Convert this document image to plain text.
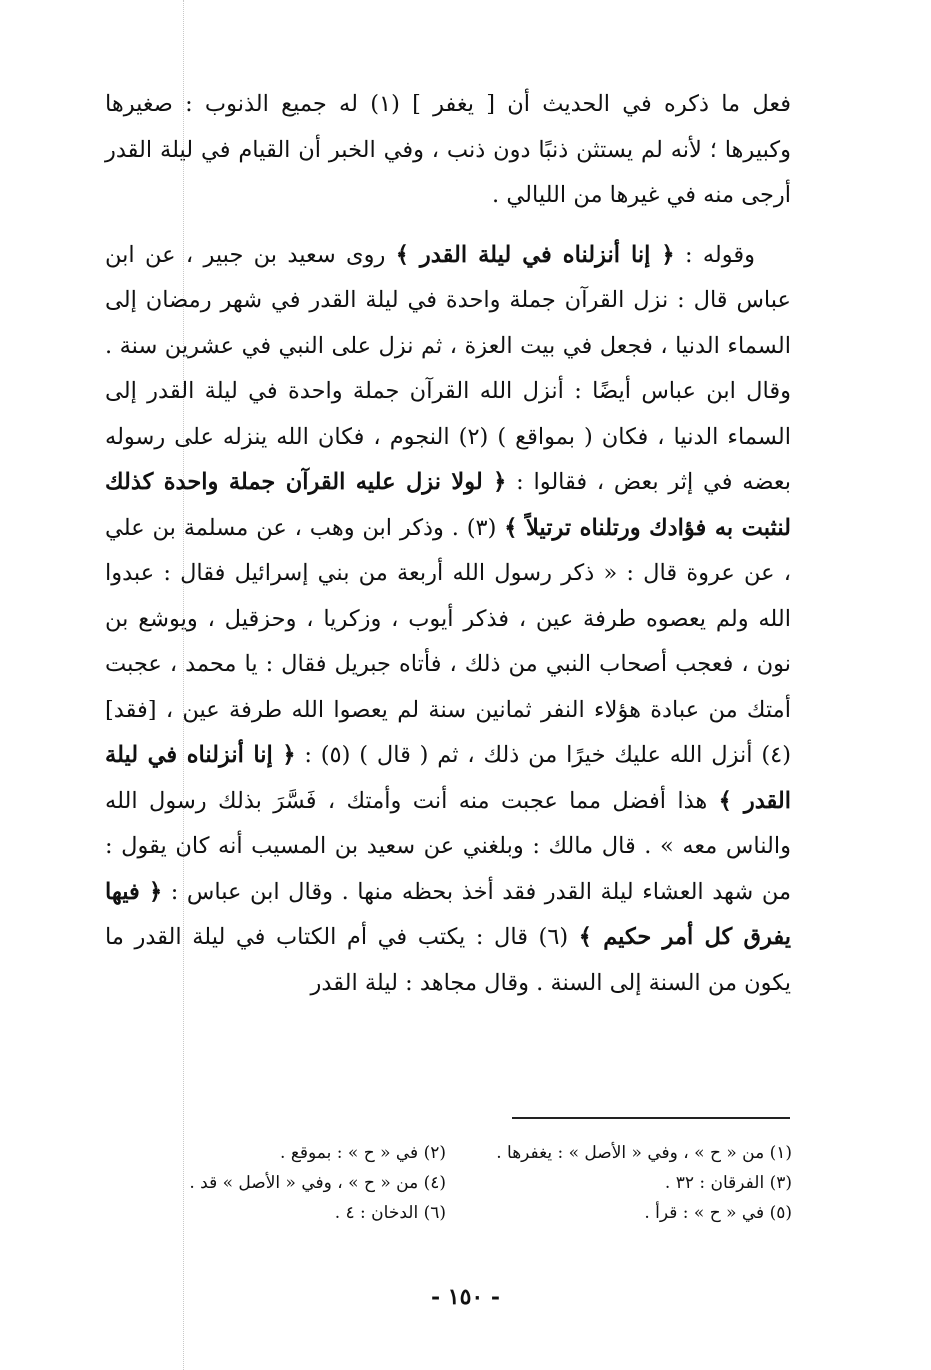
فعل ما ذكره في الحديث أن [ يغفر ] (١) له جميع الذنوب : صغيرها وكبيرها ؛ لأنه لم يستثن ذنبًا دون ذنب ، وفي الخبر أن القيام في ليلة القدر أرجى منه في غيرها من الليالي .

وقوله : ﴿ إنا أنزلناه في ليلة القدر ﴾ روى سعيد بن جبير ، عن ابن عباس قال : نزل القرآن جملة واحدة في ليلة القدر في شهر رمضان إلى السماء الدنيا ، فجعل في بيت العزة ، ثم نزل على النبي في عشرين سنة . وقال ابن عباس أيضًا : أنزل الله القرآن جملة واحدة في ليلة القدر إلى السماء الدنيا ، فكان ( بمواقع ) (٢) النجوم ، فكان الله ينزله على رسوله بعضه في إثر بعض ، فقالوا : ﴿ لولا نزل عليه القرآن جملة واحدة كذلك لنثبت به فؤادك ورتلناه ترتيلاً ﴾ (٣) . وذكر ابن وهب ، عن مسلمة بن علي ، عن عروة قال : « ذكر رسول الله أربعة من بني إسرائيل فقال : عبدوا الله ولم يعصوه طرفة عين ، فذكر أيوب ، وزكريا ، وحزقيل ، ويوشع بن نون ، فعجب أصحاب النبي من ذلك ، فأتاه جبريل فقال : يا محمد ، عجبت أمتك من عبادة هؤلاء النفر ثمانين سنة لم يعصوا الله طرفة عين ، [فقد] (٤) أنزل الله عليك خيرًا من ذلك ، ثم ( قال ) (٥) : ﴿ إنا أنزلناه في ليلة القدر ﴾ هذا أفضل مما عجبت منه أنت وأمتك ، فَسَّرَ بذلك رسول الله والناس معه » . قال مالك : وبلغني عن سعيد بن المسيب أنه كان يقول : من شهد العشاء ليلة القدر فقد أخذ بحظه منها . وقال ابن عباس : ﴿ فيها يفرق كل أمر حكيم ﴾ (٦) قال : يكتب في أم الكتاب في ليلة القدر ما يكون من السنة إلى السنة . وقال مجاهد : ليلة القدر

(١) من « ح » ، وفي « الأصل » : يغفرها .
(٢) في « ح » : بموقع .
(٣) الفرقان : ٣٢ .
(٤) من « ح » ، وفي « الأصل » قد .
(٥) في « ح » : قرأ .
(٦) الدخان : ٤ .
- ١٥٠ -
